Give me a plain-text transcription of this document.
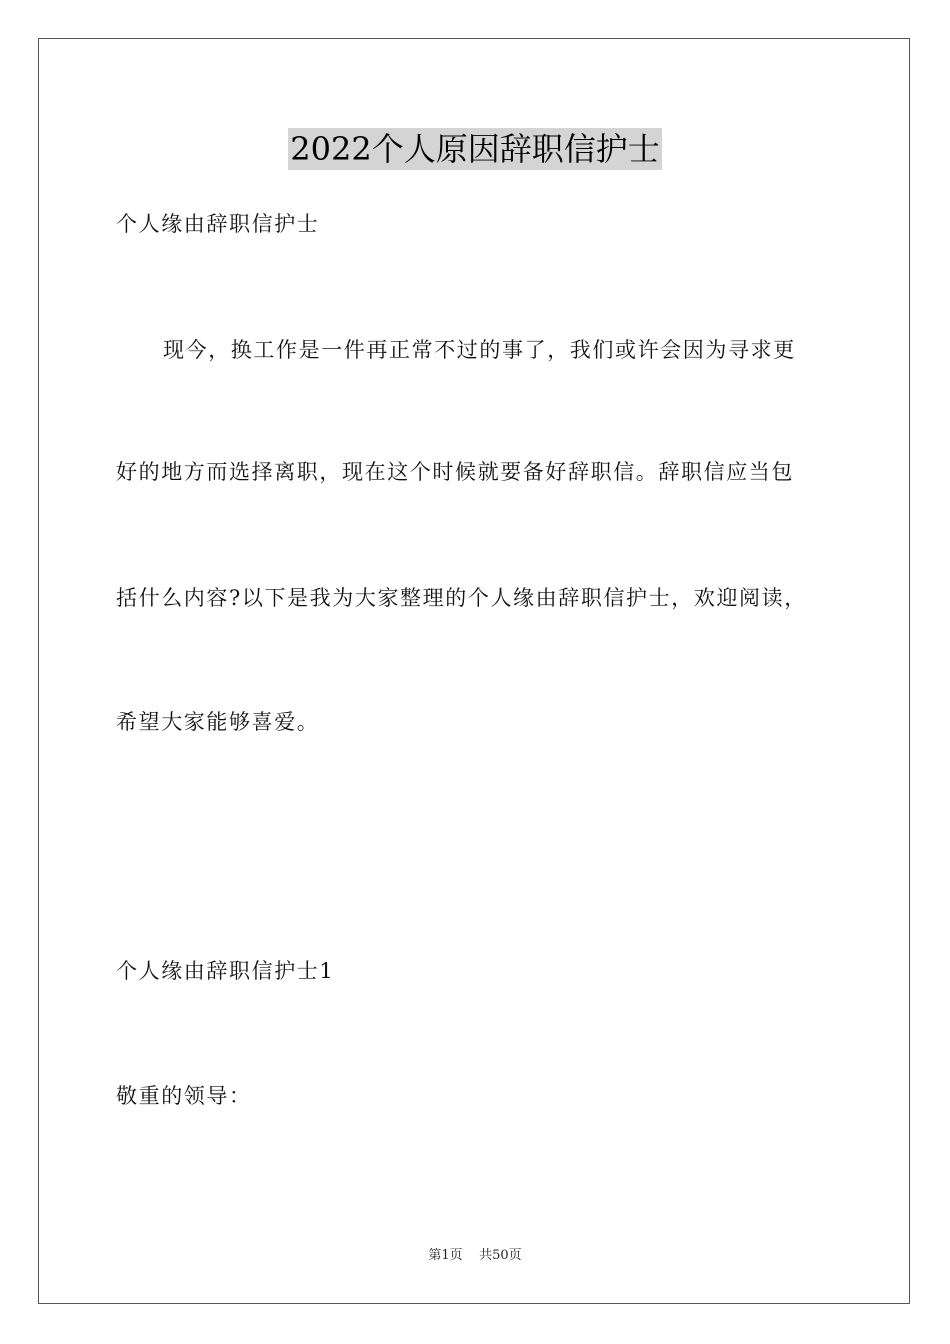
2022个人原因辞职信护士
个人缘由辞职信护士
现今，换工作是一件再正常不过的事了，我们或许会因为寻求更
好的地方而选择离职，现在这个时候就要备好辞职信。辞职信应当包
括什么内容?以下是我为大家整理的个人缘由辞职信护士，欢迎阅读，
希望大家能够喜爱。
个人缘由辞职信护士1
敬重的领导：
第1页    共50页
